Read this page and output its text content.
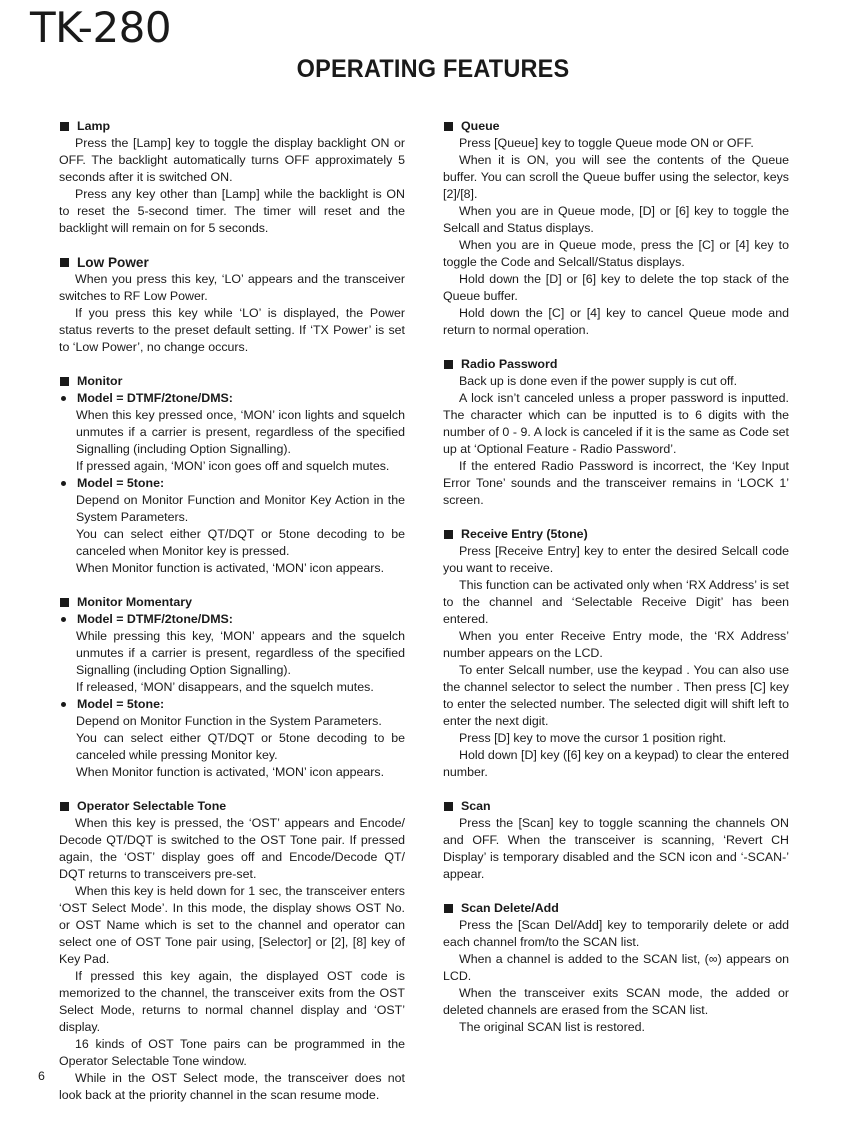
TK-280
OPERATING FEATURES

Lamp

Press the [Lamp] key to toggle the display backlight ON or OFF. The backlight automatically turns OFF approximately 5 seconds after it is switched ON.

Press any key other than [Lamp] while the backlight is ON to reset the 5-second timer. The timer will reset and the backlight will remain on for 5 seconds.

Low Power

When you press this key, ‘LO’ appears and the transceiver switches to RF Low Power.

If you press this key while ‘LO’ is displayed, the Power status reverts to the preset default setting. If ‘TX Power’ is set to ‘Low Power’, no change occurs.

Monitor

Model = DTMF/2tone/DMS:

When this key pressed once, ‘MON’ icon lights and squelch unmutes if a carrier is present, regardless of the specified Signalling (including Option Signalling).

If pressed again, ‘MON’ icon goes off and squelch mutes.

Model = 5tone:

Depend on Monitor Function and Monitor Key Action in the System Parameters.

You can select either QT/DQT or 5tone decoding to be canceled when Monitor key is pressed.

When Monitor function is activated, ‘MON’ icon appears.

Monitor Momentary

Model = DTMF/2tone/DMS:

While pressing this key, ‘MON’ appears and the squelch unmutes if a carrier is present, regardless of the specified Signalling (including Option Signalling).

If released, ‘MON’ disappears, and the squelch mutes.

Model = 5tone:

Depend on Monitor Function in the System Parameters.

You can select either QT/DQT or 5tone decoding to be canceled while pressing Monitor key.

When Monitor function is activated, ‘MON’ icon appears.

Operator Selectable Tone

When this key is pressed, the ‘OST’ appears and Encode/ Decode QT/DQT is switched to the OST Tone pair. If pressed again, the ‘OST’ display goes off and Encode/Decode QT/ DQT returns to transceivers pre-set.

When this key is held down for 1 sec, the transceiver enters ‘OST Select Mode’. In this mode, the display shows OST No. or OST Name which is set to the channel and operator can select one of OST Tone pair using, [Selector] or [2], [8] key of Key Pad.

If pressed this key again, the displayed OST code is memorized to the channel, the transceiver exits from the OST Select Mode, returns to normal channel display and ‘OST’ display.

16 kinds of OST Tone pairs can be programmed in the Operator Selectable Tone window.

While in the OST Select mode, the transceiver does not look back at the priority channel in the scan resume mode.

Queue

Press [Queue] key to toggle Queue mode ON or OFF.

When it is ON, you will see the contents of the Queue buffer. You can scroll the Queue buffer using the selector, keys [2]/[8].

When you are in Queue mode, [D] or [6] key to toggle the Selcall and Status displays.

When you are in Queue mode, press the [C] or [4] key to toggle the Code and Selcall/Status displays.

Hold down the [D] or [6] key to delete the top stack of the Queue buffer.

Hold down the [C] or [4] key to cancel Queue mode and return to normal operation.

Radio Password

Back up is done even if the power supply is cut off.

A lock isn’t canceled unless a proper password is inputted. The character which can be inputted is to 6 digits with the number of 0 - 9. A lock is canceled if it is the same as Code set up at ‘Optional Feature - Radio Password’.

If the entered Radio Password is incorrect, the ‘Key Input Error Tone’ sounds and the transceiver remains in ‘LOCK 1’ screen.

Receive Entry (5tone)

Press [Receive Entry] key to enter the desired Selcall code you want to receive.

This function can be activated only when ‘RX Address’ is set to the channel and ‘Selectable Receive Digit’ has been entered.

When you enter Receive Entry mode, the ‘RX Address’ number appears on the LCD.

To enter Selcall number, use the keypad . You can also use the channel selector to select the number . Then press [C] key to enter the selected number. The selected digit will shift left to enter the next digit.

Press [D] key to move the cursor 1 position right.

Hold down [D] key ([6] key on a keypad) to clear the entered number.

Scan

Press the [Scan] key to toggle scanning the channels ON and OFF. When the transceiver is scanning, ‘Revert CH Display’ is temporary disabled and the SCN icon and ‘-SCAN-’ appear.

Scan Delete/Add

Press the [Scan Del/Add] key to temporarily delete or add each channel from/to the SCAN list.

When a channel is added to the SCAN list, (∞) appears on LCD.

When the transceiver exits SCAN mode, the added or deleted channels are erased from the SCAN list.

The original SCAN list is restored.

6
